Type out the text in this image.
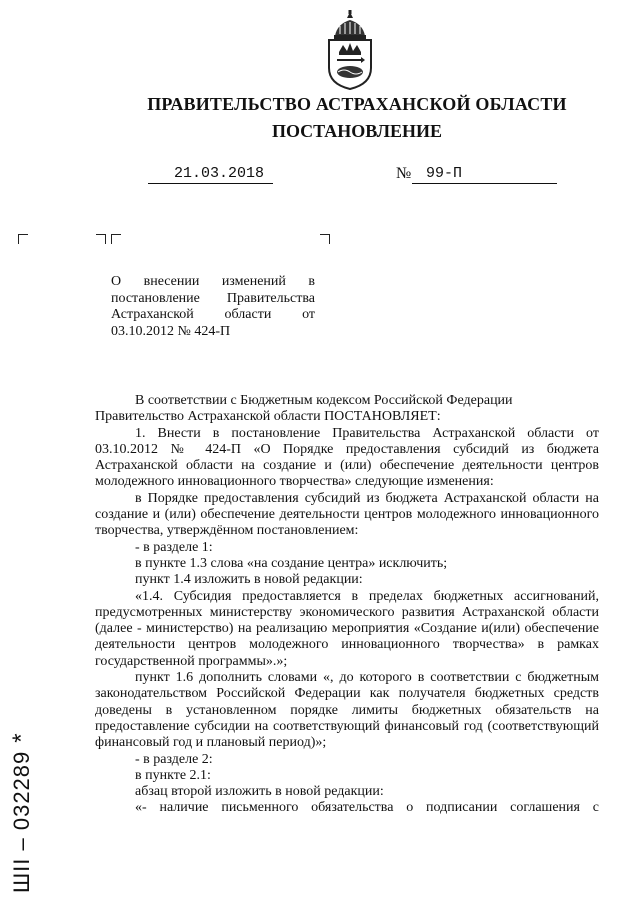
ПРАВИТЕЛЬСТВО АСТРАХАНСКОЙ ОБЛАСТИ
ПОСТАНОВЛЕНИЕ
21.03.2018	№ 99-П
О внесении изменений в
постановление Правительства
Астраханской области от
03.10.2012 № 424-П

В соответствии с Бюджетным кодексом Российской Федерации

Правительство Астраханской области ПОСТАНОВЛЯЕТ:

1. Внести в постановление Правительства Астраханской области от 03.10.2012 № 424-П «О Порядке предоставления субсидий из бюджета Астраханской области на создание и (или) обеспечение деятельности центров молодежного инновационного творчества» следующие изменения:

в Порядке предоставления субсидий из бюджета Астраханской области на создание и (или) обеспечение деятельности центров молодежного инновационного творчества, утверждённом постановлением:

- в разделе 1:

в пункте 1.3 слова «на создание центра» исключить;

пункт 1.4 изложить в новой редакции:

«1.4. Субсидия предоставляется в пределах бюджетных ассигнований, предусмотренных министерству экономического развития Астраханской области (далее - министерство) на реализацию мероприятия «Создание и(или) обеспечение деятельности центров молодежного инновационного творчества» в рамках государственной программы».»;

пункт 1.6 дополнить словами «, до которого в соответствии с бюджетным законодательством Российской Федерации как получателя бюджетных средств доведены в установленном порядке лимиты бюджетных обязательств на предоставление субсидии на соответствующий финансовый год (соответствующий финансовый год и плановый период)»;

- в разделе 2:

в пункте 2.1:

абзац второй изложить в новой редакции:

«- наличие письменного обязательства о подписании соглашения с

ШII – 032289*
